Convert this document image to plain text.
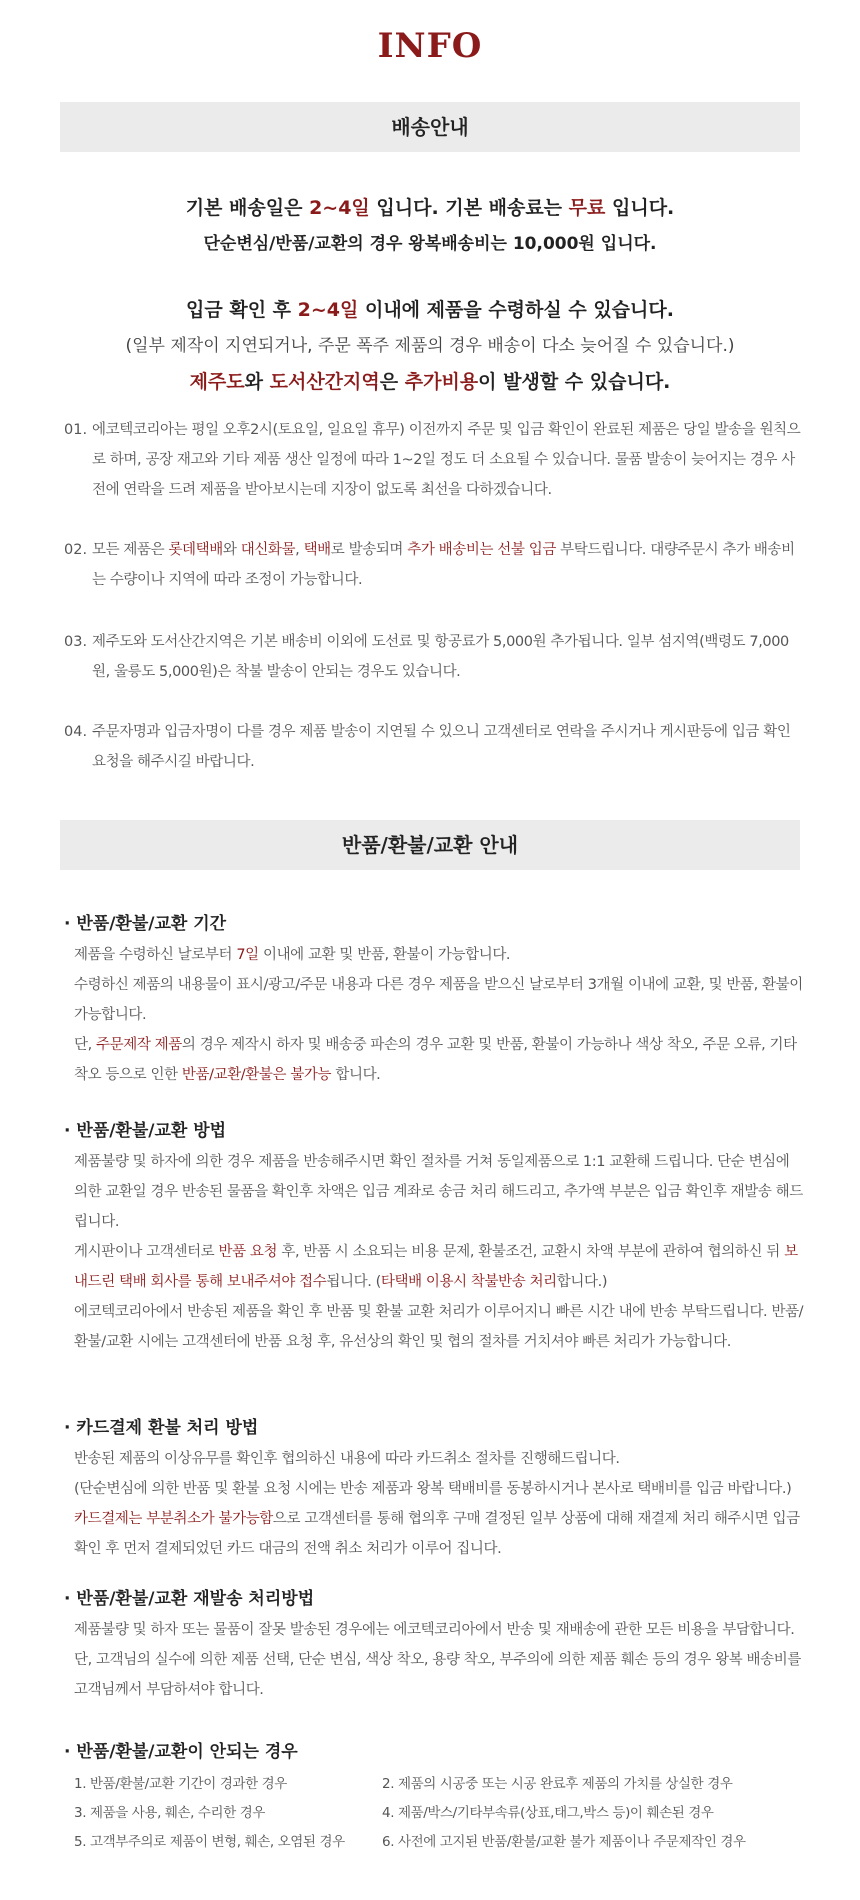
INFO
배송안내
기본 배송일은 2~4일 입니다. 기본 배송료는 무료 입니다.
단순변심/반품/교환의 경우 왕복배송비는 10,000원 입니다.
입금 확인 후 2~4일 이내에 제품을 수령하실 수 있습니다.
(일부 제작이 지연되거나, 주문 폭주 제품의 경우 배송이 다소 늦어질 수 있습니다.)
제주도와 도서산간지역은 추가비용이 발생할 수 있습니다.
01. 에코텍코리아는 평일 오후2시(토요일, 일요일 휴무) 이전까지 주문 및 입금 확인이 완료된 제품은 당일 발송을 원칙으로 하며, 공장 재고와 기타 제품 생산 일정에 따라 1~2일 정도 더 소요될 수 있습니다. 물품 발송이 늦어지는 경우 사전에 연락을 드려 제품을 받아보시는데 지장이 없도록 최선을 다하겠습니다.
02. 모든 제품은 롯데택배와 대신화물, 택배로 발송되며 추가 배송비는 선불 입금 부탁드립니다. 대량주문시 추가 배송비는 수량이나 지역에 따라 조정이 가능합니다.
03. 제주도와 도서산간지역은 기본 배송비 이외에 도선료 및 항공료가 5,000원 추가됩니다. 일부 섬지역(백령도 7,000원, 울릉도 5,000원)은 착불 발송이 안되는 경우도 있습니다.
04. 주문자명과 입금자명이 다를 경우 제품 발송이 지연될 수 있으니 고객센터로 연락을 주시거나 게시판등에 입금 확인 요청을 해주시길 바랍니다.
반품/환불/교환 안내
· 반품/환불/교환 기간
제품을 수령하신 날로부터 7일 이내에 교환 및 반품, 환불이 가능합니다.
수령하신 제품의 내용물이 표시/광고/주문 내용과 다른 경우 제품을 받으신 날로부터 3개월 이내에 교환, 및 반품, 환불이 가능합니다.
단, 주문제작 제품의 경우 제작시 하자 및 배송중 파손의 경우 교환 및 반품, 환불이 가능하나 색상 착오, 주문 오류, 기타 착오 등으로 인한 반품/교환/환불은 불가능 합니다.
· 반품/환불/교환 방법
제품불량 및 하자에 의한 경우 제품을 반송해주시면 확인 절차를 거쳐 동일제품으로 1:1 교환해 드립니다. 단순 변심에 의한 교환일 경우 반송된 물품을 확인후 차액은 입금 계좌로 송금 처리 해드리고, 추가액 부분은 입금 확인후 재발송 해드립니다.
게시판이나 고객센터로 반품 요청 후, 반품 시 소요되는 비용 문제, 환불조건, 교환시 차액 부분에 관하여 협의하신 뒤 보내드린 택배 회사를 통해 보내주셔야 접수됩니다. (타택배 이용시 착불반송 처리합니다.)
에코텍코리아에서 반송된 제품을 확인 후 반품 및 환불 교환 처리가 이루어지니 빠른 시간 내에 반송 부탁드립니다. 반품/환불/교환 시에는 고객센터에 반품 요청 후, 유선상의 확인 및 협의 절차를 거치셔야 빠른 처리가 가능합니다.
· 카드결제 환불 처리 방법
반송된 제품의 이상유무를 확인후 협의하신 내용에 따라 카드취소 절차를 진행해드립니다.
(단순변심에 의한 반품 및 환불 요청 시에는 반송 제품과 왕복 택배비를 동봉하시거나 본사로 택배비를 입금 바랍니다.) 카드결제는 부분취소가 불가능함으로 고객센터를 통해 협의후 구매 결정된 일부 상품에 대해 재결제 처리 해주시면 입금 확인 후 먼저 결제되었던 카드 대금의 전액 취소 처리가 이루어 집니다.
· 반품/환불/교환 재발송 처리방법
제품불량 및 하자 또는 물품이 잘못 발송된 경우에는 에코텍코리아에서 반송 및 재배송에 관한 모든 비용을 부담합니다. 단, 고객님의 실수에 의한 제품 선택, 단순 변심, 색상 착오, 용량 착오, 부주의에 의한 제품 훼손 등의 경우 왕복 배송비를 고객님께서 부담하셔야 합니다.
· 반품/환불/교환이 안되는 경우
1. 반품/환불/교환 기간이 경과한 경우	2. 제품의 시공중 또는 시공 완료후 제품의 가치를 상실한 경우
3. 제품을 사용, 훼손, 수리한 경우	4. 제품/박스/기타부속류(상표,태그,박스 등)이 훼손된 경우
5. 고객부주의로 제품이 변형, 훼손, 오염된 경우	6. 사전에 고지된 반품/환불/교환 불가 제품이나 주문제작인 경우
